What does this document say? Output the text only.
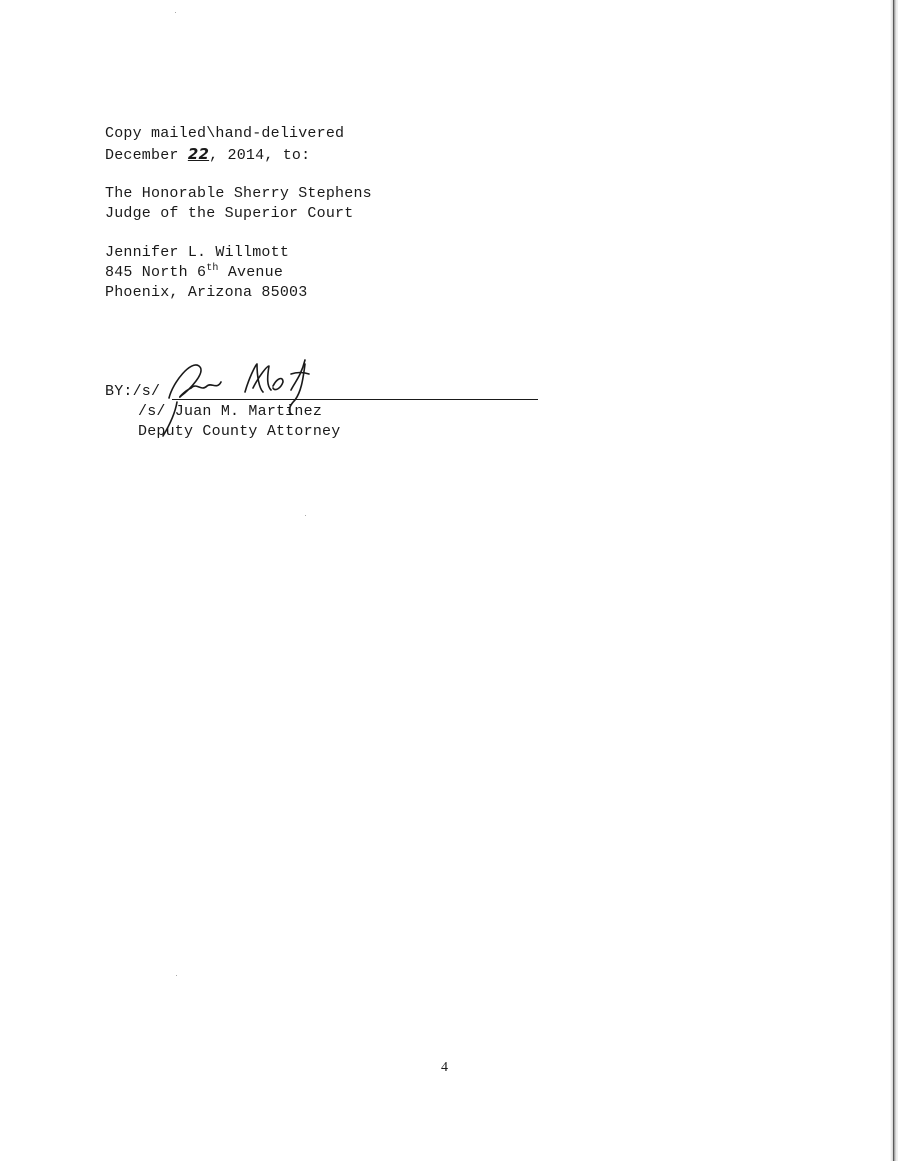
Copy mailed\hand-delivered
December 22, 2014, to:
The Honorable Sherry Stephens
Judge of the Superior Court
Jennifer L. Willmott
845 North 6th Avenue
Phoenix, Arizona 85003
BY:/s/
/s/ Juan M. Martinez
Deputy County Attorney
4
